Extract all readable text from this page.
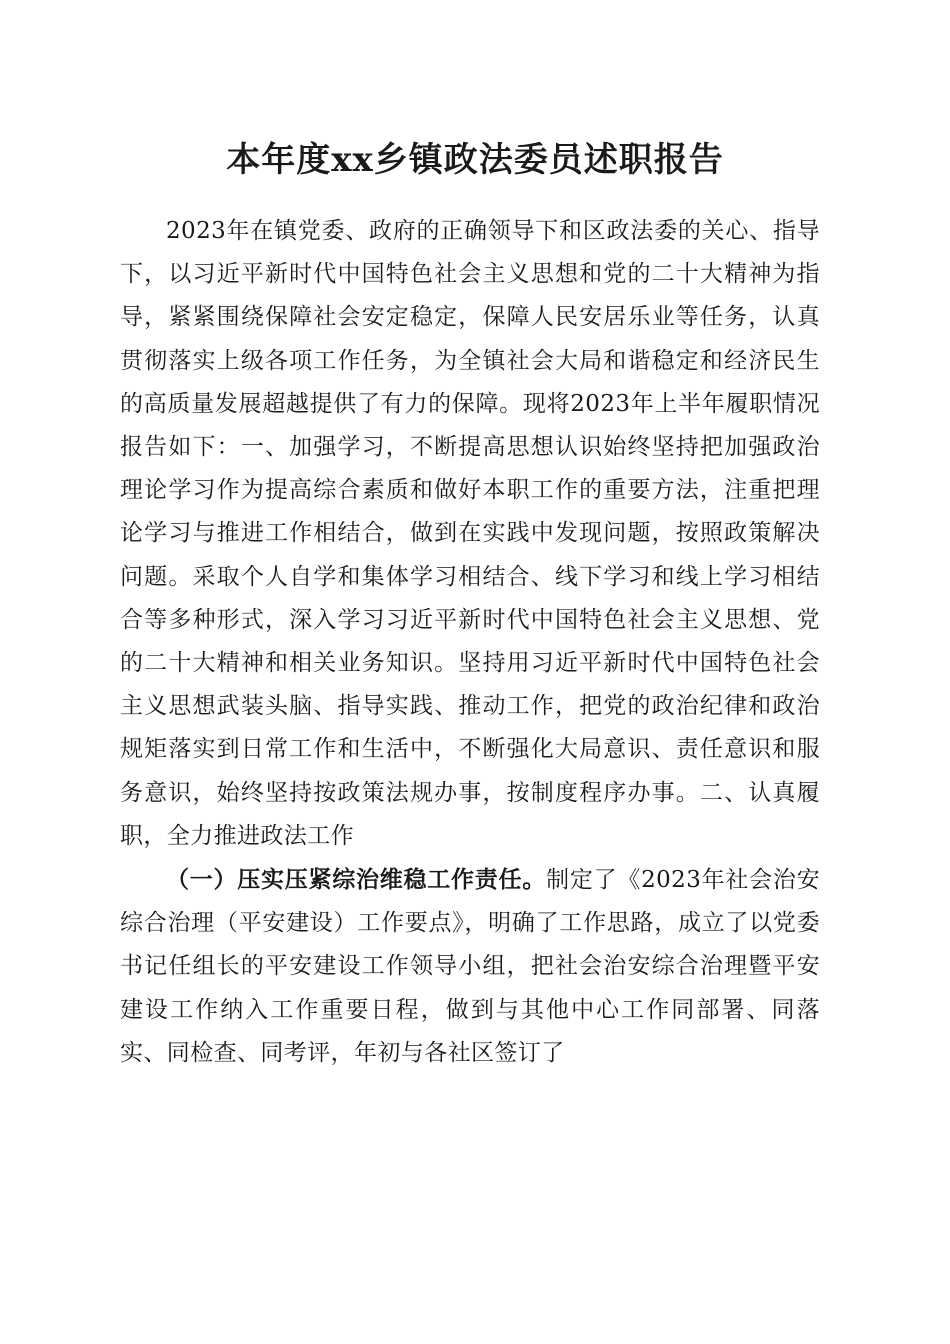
本年度xx乡镇政法委员述职报告

2023年在镇党委、政府的正确领导下和区政法委的关心、指导下，以习近平新时代中国特色社会主义思想和党的二十大精神为指导，紧紧围绕保障社会安定稳定，保障人民安居乐业等任务，认真贯彻落实上级各项工作任务，为全镇社会大局和谐稳定和经济民生的高质量发展超越提供了有力的保障。现将2023年上半年履职情况报告如下：一、加强学习，不断提高思想认识始终坚持把加强政治理论学习作为提高综合素质和做好本职工作的重要方法，注重把理论学习与推进工作相结合，做到在实践中发现问题，按照政策解决问题。采取个人自学和集体学习相结合、线下学习和线上学习相结合等多种形式，深入学习习近平新时代中国特色社会主义思想、党的二十大精神和相关业务知识。坚持用习近平新时代中国特色社会主义思想武装头脑、指导实践、推动工作，把党的政治纪律和政治规矩落实到日常工作和生活中，不断强化大局意识、责任意识和服务意识，始终坚持按政策法规办事，按制度程序办事。二、认真履职，全力推进政法工作

（一）压实压紧综治维稳工作责任。制定了《2023年社会治安综合治理（平安建设）工作要点》，明确了工作思路，成立了以党委书记任组长的平安建设工作领导小组，把社会治安综合治理暨平安建设工作纳入工作重要日程，做到与其他中心工作同部署、同落实、同检查、同考评，年初与各社区签订了
